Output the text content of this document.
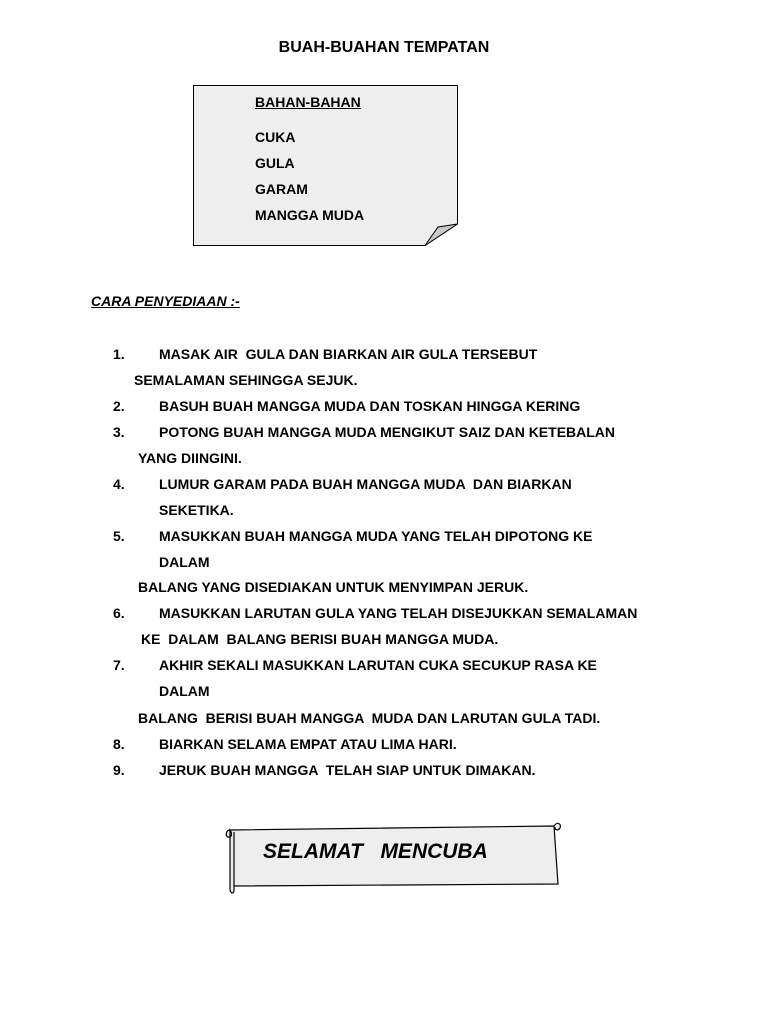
BUAH-BUAHAN TEMPATAN
BAHAN-BAHAN
CUKA
GULA
GARAM
MANGGA MUDA
CARA PENYEDIAAN :-
1. MASAK AIR  GULA DAN BIARKAN AIR GULA TERSEBUT
SEMALAMAN SEHINGGA SEJUK.
2. BASUH BUAH MANGGA MUDA DAN TOSKAN HINGGA KERING
3. POTONG BUAH MANGGA MUDA MENGIKUT SAIZ DAN KETEBALAN
YANG DIINGINI.
4. LUMUR GARAM PADA BUAH MANGGA MUDA  DAN BIARKAN
SEKETIKA.
5. MASUKKAN BUAH MANGGA MUDA YANG TELAH DIPOTONG KE
DALAM
BALANG YANG DISEDIAKAN UNTUK MENYIMPAN JERUK.
6. MASUKKAN LARUTAN GULA YANG TELAH DISEJUKKAN SEMALAMAN
KE  DALAM  BALANG BERISI BUAH MANGGA MUDA.
7. AKHIR SEKALI MASUKKAN LARUTAN CUKA SECUKUP RASA KE
DALAM
BALANG  BERISI BUAH MANGGA  MUDA DAN LARUTAN GULA TADI.
8. BIARKAN SELAMA EMPAT ATAU LIMA HARI.
9. JERUK BUAH MANGGA  TELAH SIAP UNTUK DIMAKAN.
SELAMAT   MENCUBA
